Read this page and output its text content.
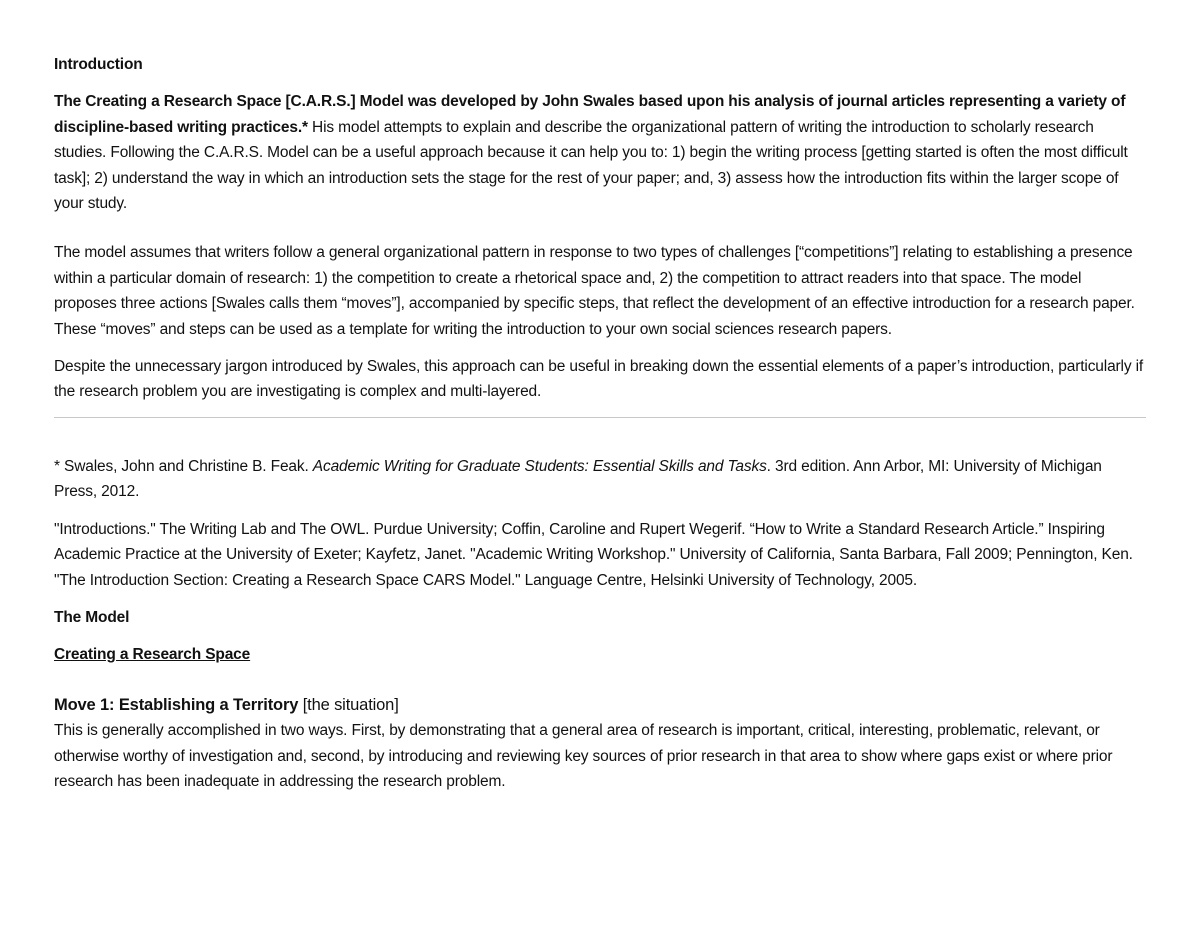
Introduction

The Creating a Research Space [C.A.R.S.] Model was developed by John Swales based upon his analysis of journal articles representing a variety of discipline-based writing practices.* His model attempts to explain and describe the organizational pattern of writing the introduction to scholarly research studies. Following the C.A.R.S. Model can be a useful approach because it can help you to: 1) begin the writing process [getting started is often the most difficult task]; 2) understand the way in which an introduction sets the stage for the rest of your paper; and, 3) assess how the introduction fits within the larger scope of your study.

The model assumes that writers follow a general organizational pattern in response to two types of challenges [“competitions”] relating to establishing a presence within a particular domain of research: 1) the competition to create a rhetorical space and, 2) the competition to attract readers into that space. The model proposes three actions [Swales calls them “moves”], accompanied by specific steps, that reflect the development of an effective introduction for a research paper. These “moves” and steps can be used as a template for writing the introduction to your own social sciences research papers.

Despite the unnecessary jargon introduced by Swales, this approach can be useful in breaking down the essential elements of a paper’s introduction, particularly if the research problem you are investigating is complex and multi-layered.

* Swales, John and Christine B. Feak. Academic Writing for Graduate Students: Essential Skills and Tasks. 3rd edition. Ann Arbor, MI: University of Michigan Press, 2012.

"Introductions." The Writing Lab and The OWL. Purdue University; Coffin, Caroline and Rupert Wegerif. “How to Write a Standard Research Article.” Inspiring Academic Practice at the University of Exeter; Kayfetz, Janet. "Academic Writing Workshop." University of California, Santa Barbara, Fall 2009; Pennington, Ken. "The Introduction Section: Creating a Research Space CARS Model." Language Centre, Helsinki University of Technology, 2005.

The Model

Creating a Research Space

Move 1: Establishing a Territory [the situation]

This is generally accomplished in two ways. First, by demonstrating that a general area of research is important, critical, interesting, problematic, relevant, or otherwise worthy of investigation and, second, by introducing and reviewing key sources of prior research in that area to show where gaps exist or where prior research has been inadequate in addressing the research problem.
